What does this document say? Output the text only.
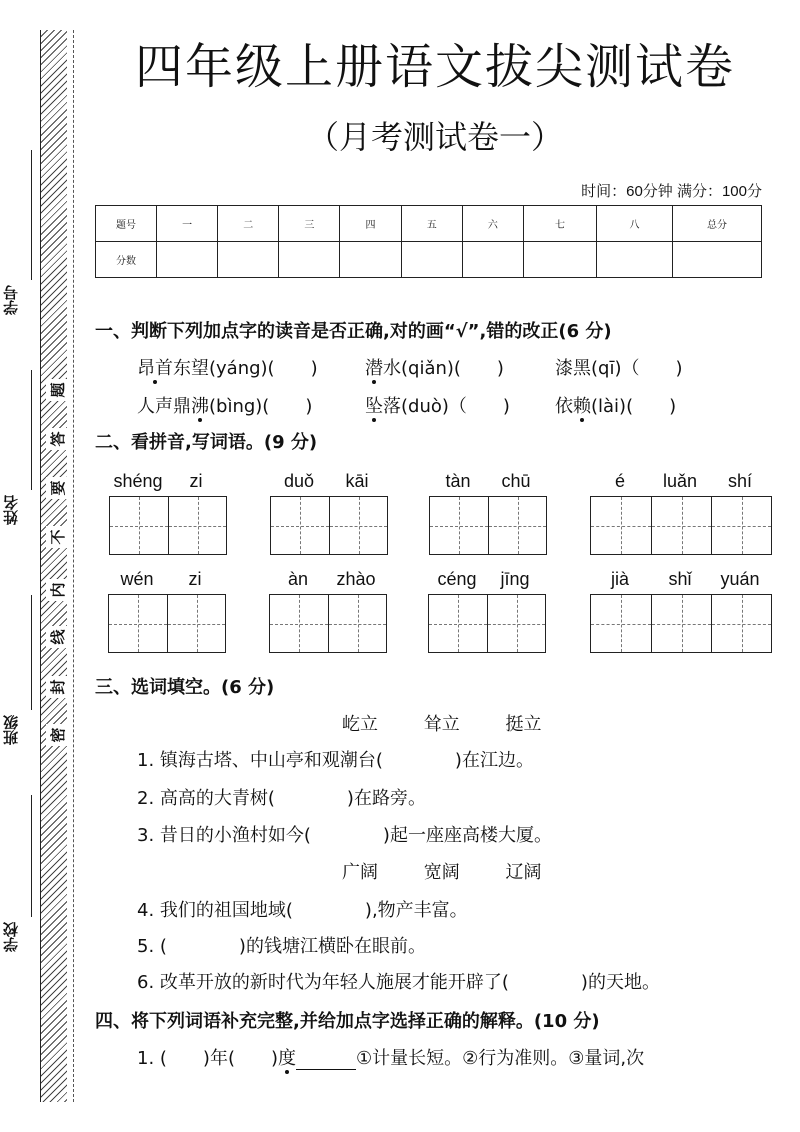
学号
姓名
班级
学校
题
答
要
不
内
线
封
密
四年级上册语文拔尖测试卷
（月考测试卷一）
时间：60分钟 满分：100分
题号	一	二	三	四	五	六	七	八	总分
分数									
一、判断下列加点字的读音是否正确,对的画“√”,错的改正(6 分)
昂首东望(yáng)(　　)	潜水(qiǎn)(　　)	漆黑(qī)（　　)
人声鼎沸(bìng)(　　)	坠落(duò)（　　)	依赖(lài)(　　)
二、看拼音,写词语。(9 分)
shéng	zi	duǒ	kāi	tàn	chū	é	luǎn	shí
wén	zi	àn	zhào	céng	jīng	jià	shǐ	yuán
三、选词填空。(6 分)
屹立	耸立	挺立
1. 镇海古塔、中山亭和观潮台(　　　　)在江边。
2. 高高的大青树(　　　　)在路旁。
3. 昔日的小渔村如今(　　　　)起一座座高楼大厦。
广阔	宽阔	辽阔
4. 我们的祖国地域(　　　　),物产丰富。
5. (　　　　)的钱塘江横卧在眼前。
6. 改革开放的新时代为年轻人施展才能开辟了(　　　　)的天地。
四、将下列词语补充完整,并给加点字选择正确的解释。(10 分)
1. (　　)年(　　)度	①计量长短。②行为准则。③量词,次
